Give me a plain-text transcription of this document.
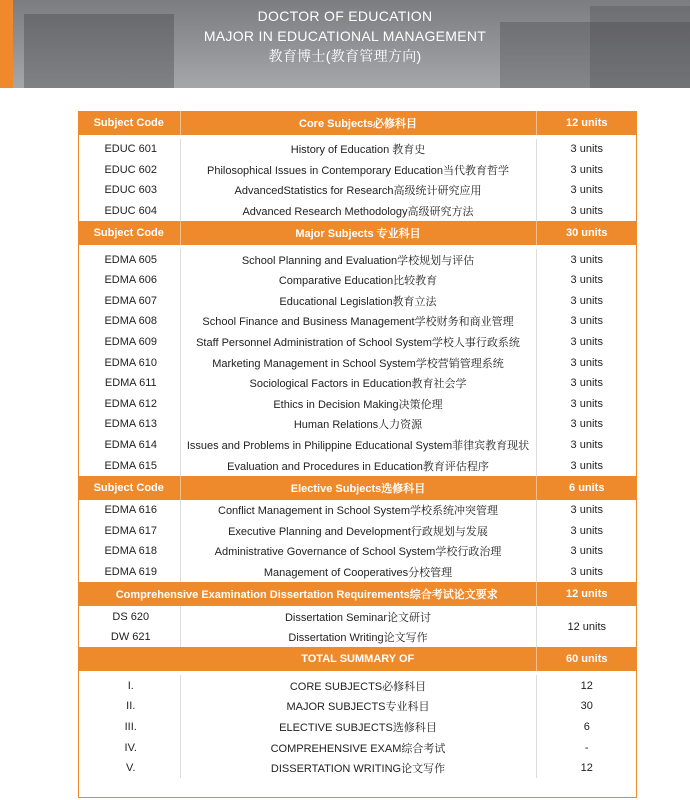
DOCTOR OF EDUCATION
MAJOR IN EDUCATIONAL MANAGEMENT
教育博士(教育管理方向)
Subject Code	Core Subjects必修科目	12 units

EDUC 601	History of Education 教育史	3 units
EDUC 602	Philosophical Issues in Contemporary Education当代教育哲学	3 units
EDUC 603	AdvancedStatistics for Research高级统计研究应用	3 units
EDUC 604	Advanced Research Methodology高级研究方法	3 units
Subject Code	Major Subjects 专业科目	30 units

EDMA 605	School Planning and Evaluation学校规划与评估	3 units
EDMA 606	Comparative Education比较教育	3 units
EDMA 607	Educational Legislation教育立法	3 units
EDMA 608	School Finance and Business Management学校财务和商业管理	3 units
EDMA 609	Staff Personnel Administration of School System学校人事行政系统	3 units
EDMA 610	Marketing Management in School System学校营销管理系统	3 units
EDMA 611	Sociological Factors in Education教育社会学	3 units
EDMA 612	Ethics in Decision Making决策伦理	3 units
EDMA 613	Human Relations人力资源	3 units
EDMA 614	Issues and Problems in Philippine Educational System菲律宾教育现状	3 units
EDMA 615	Evaluation and Procedures in Education教育评估程序	3 units
Subject Code	Elective Subjects选修科目	6 units
EDMA 616	Conflict Management in School System学校系统冲突管理	3 units
EDMA 617	Executive Planning and Development行政规划与发展	3 units
EDMA 618	Administrative Governance of School System学校行政治理	3 units
EDMA 619	Management of Cooperatives分校管理	3 units
Comprehensive Examination Dissertation Requirements综合考试论文要求		12 units
DS 620	Dissertation Seminar论文研讨	12 units
DW 621	Dissertation Writing论文写作	
	TOTAL SUMMARY OF	60 units

I.	CORE SUBJECTS必修科目	12
II.	MAJOR SUBJECTS专业科目	30
III.	ELECTIVE SUBJECTS选修科目	6
IV.	COMPREHENSIVE EXAM综合考试	-
V.	DISSERTATION WRITING论文写作	12
